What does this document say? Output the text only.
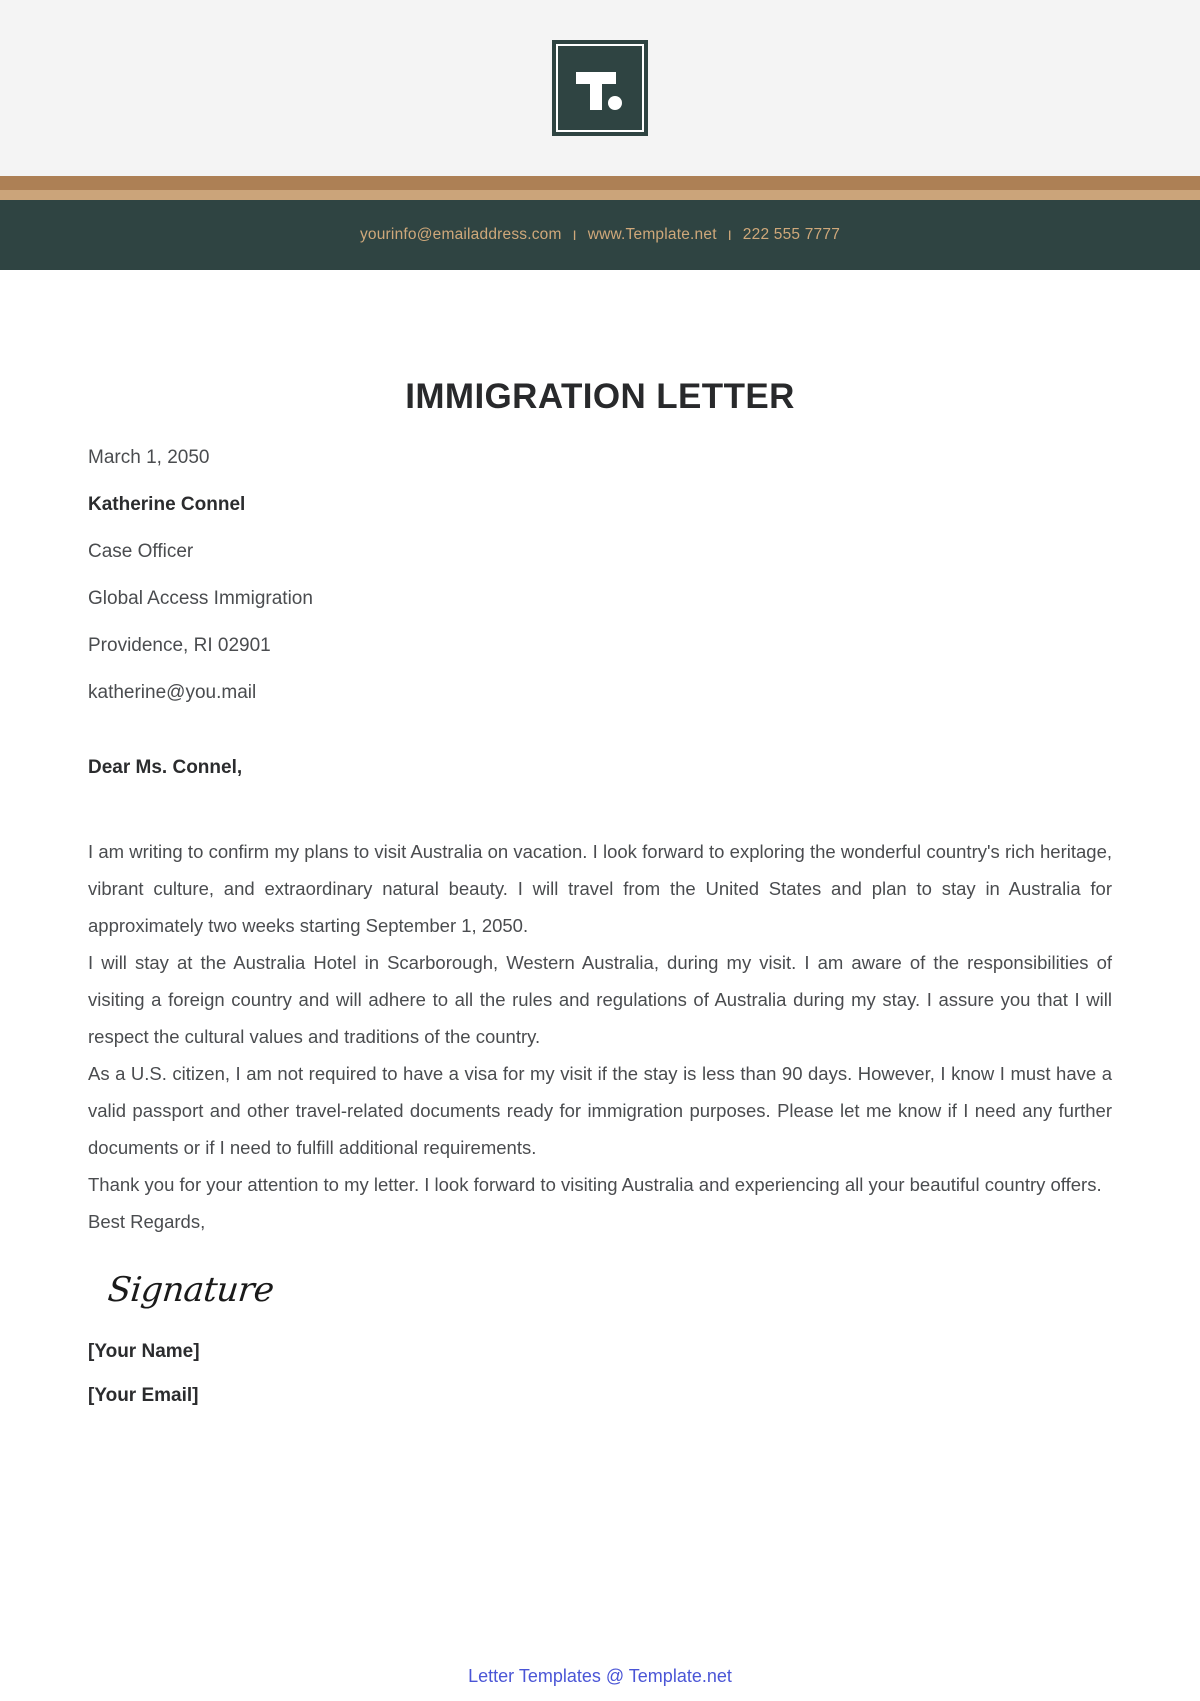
yourinfo@emailaddress.com I www.Template.net I 222 555 7777
IMMIGRATION LETTER
March 1, 2050
Katherine Connel
Case Officer
Global Access Immigration
Providence, RI 02901
katherine@you.mail
Dear Ms. Connel,

I am writing to confirm my plans to visit Australia on vacation. I look forward to exploring the wonderful country's rich heritage, vibrant culture, and extraordinary natural beauty. I will travel from the United States and plan to stay in Australia for approximately two weeks starting September 1, 2050.

I will stay at the Australia Hotel in Scarborough, Western Australia, during my visit. I am aware of the responsibilities of visiting a foreign country and will adhere to all the rules and regulations of Australia during my stay. I assure you that I will respect the cultural values and traditions of the country.

As a U.S. citizen, I am not required to have a visa for my visit if the stay is less than 90 days. However, I know I must have a valid passport and other travel-related documents ready for immigration purposes. Please let me know if I need any further documents or if I need to fulfill additional requirements.

Thank you for your attention to my letter. I look forward to visiting Australia and experiencing all your beautiful country offers.

Best Regards,
Signature
[Your Name]
[Your Email]
Letter Templates @ Template.net
